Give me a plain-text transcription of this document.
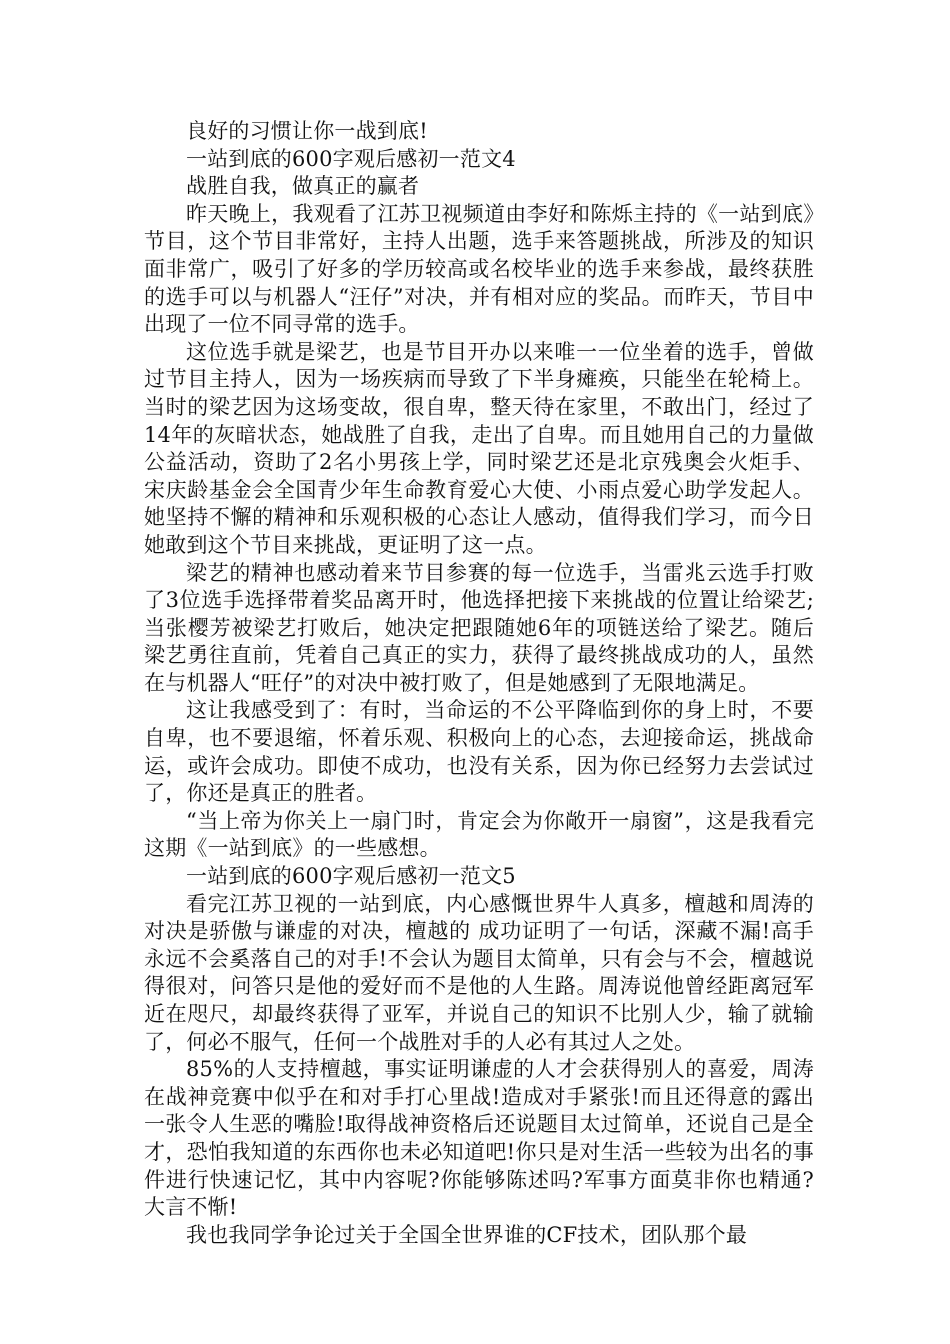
良好的习惯让你一战到底!

一站到底的600字观后感初一范文4

战胜自我，做真正的赢者

昨天晚上，我观看了江苏卫视频道由李好和陈烁主持的《一站到底》节目，这个节目非常好，主持人出题，选手来答题挑战，所涉及的知识面非常广，吸引了好多的学历较高或名校毕业的选手来参战，最终获胜的选手可以与机器人“汪仔”对决，并有相对应的奖品。而昨天，节目中出现了一位不同寻常的选手。

这位选手就是梁艺，也是节目开办以来唯一一位坐着的选手，曾做过节目主持人，因为一场疾病而导致了下半身瘫痪，只能坐在轮椅上。当时的梁艺因为这场变故，很自卑，整天待在家里，不敢出门，经过了14年的灰暗状态，她战胜了自我，走出了自卑。而且她用自己的力量做公益活动，资助了2名小男孩上学，同时梁艺还是北京残奥会火炬手、宋庆龄基金会全国青少年生命教育爱心大使、小雨点爱心助学发起人。她坚持不懈的精神和乐观积极的心态让人感动，值得我们学习，而今日她敢到这个节目来挑战，更证明了这一点。

梁艺的精神也感动着来节目参赛的每一位选手，当雷兆云选手打败了3位选手选择带着奖品离开时，他选择把接下来挑战的位置让给梁艺;当张樱芳被梁艺打败后，她决定把跟随她6年的项链送给了梁艺。随后梁艺勇往直前，凭着自己真正的实力，获得了最终挑战成功的人，虽然在与机器人“旺仔”的对决中被打败了，但是她感到了无限地满足。

这让我感受到了：有时，当命运的不公平降临到你的身上时，不要自卑，也不要退缩，怀着乐观、积极向上的心态，去迎接命运，挑战命运，或许会成功。即使不成功，也没有关系，因为你已经努力去尝试过了，你还是真正的胜者。

“当上帝为你关上一扇门时，肯定会为你敞开一扇窗”，这是我看完这期《一站到底》的一些感想。

一站到底的600字观后感初一范文5

看完江苏卫视的一站到底，内心感慨世界牛人真多，檀越和周涛的对决是骄傲与谦虚的对决，檀越的 成功证明了一句话，深藏不漏!高手永远不会奚落自己的对手!不会认为题目太简单，只有会与不会，檀越说得很对，问答只是他的爱好而不是他的人生路。周涛说他曾经距离冠军近在咫尺，却最终获得了亚军，并说自己的知识不比别人少，输了就输了，何必不服气，任何一个战胜对手的人必有其过人之处。

85%的人支持檀越，事实证明谦虚的人才会获得别人的喜爱，周涛在战神竞赛中似乎在和对手打心里战!造成对手紧张!而且还得意的露出一张令人生恶的嘴脸!取得战神资格后还说题目太过简单，还说自己是全才，恐怕我知道的东西你也未必知道吧!你只是对生活一些较为出名的事件进行快速记忆，其中内容呢?你能够陈述吗?军事方面莫非你也精通?大言不惭!

我也我同学争论过关于全国全世界谁的CF技术，团队那个最
